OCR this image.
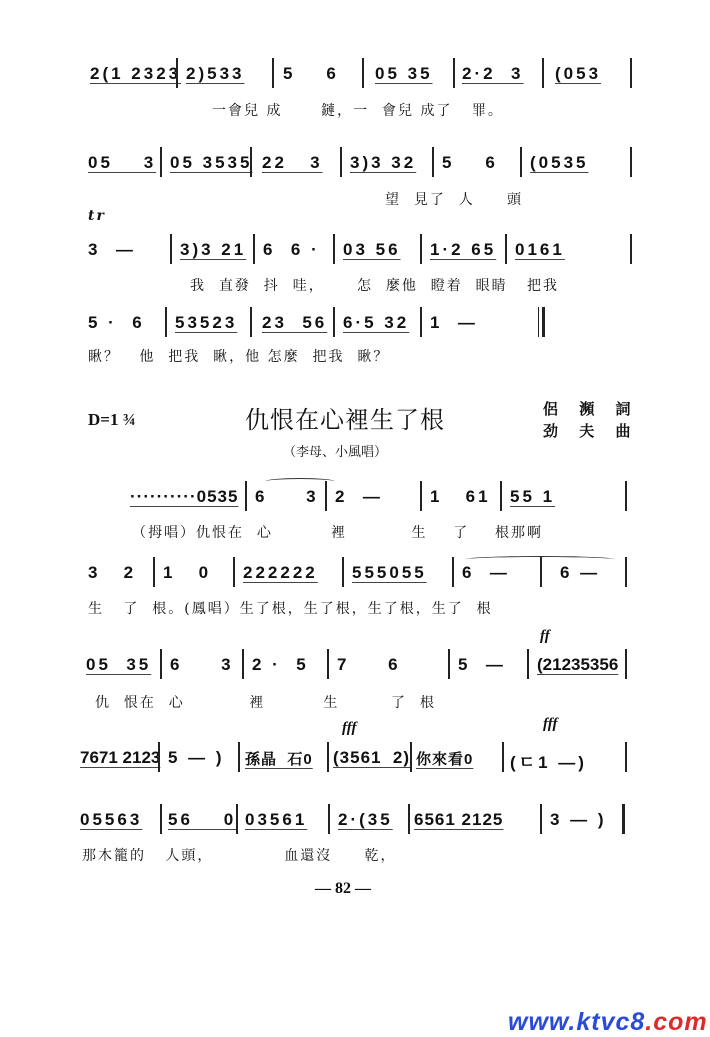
2(1 2323 2)533 5    6 05 35 2·2  3 (053
一會兒 成      鏈，一  會兒 成了   罪。
05    3 05 3535 22   3 3)3 32 5    6 (0535
望  見了  人     頭
tr
3  —	3)3 21 6  6 · 03 56 1·2 65 0161
我  直發  抖  哇，     怎  麼他  瞪着  眼睛   把我
5 ·  6 53523 23  56 6·5 32 1  —
瞅？   他  把我  瞅，他 怎麼  把我  瞅？
D=1 ¾	仇恨在心裡生了根	侶 瀕 詞
劲 夫 曲
（李母、小風唱）
··········0535 6     3 2  —	1   61 55 1
（拇唱）仇恨在  心         裡          生    了    根那啊
3   2 1   0 222222 555055 6  —	6 —
生   了  根。(鳳唱）生了根，生了根，生了根，生了  根
ff
05  35 6     3 2 ·  5 7     6	5  — (21235356
仇  恨在  心          裡         生        了  根
fff	fff
7671 2123 5 — ) 孫晶  石0 (3561  2) 你來看0 (ㄷ1 —)
05563 56    0 03561 2·(35 6561 2125	3 — )
那木籠的   人頭，           血還沒     乾，
— 82 —
www.ktvc8.com
